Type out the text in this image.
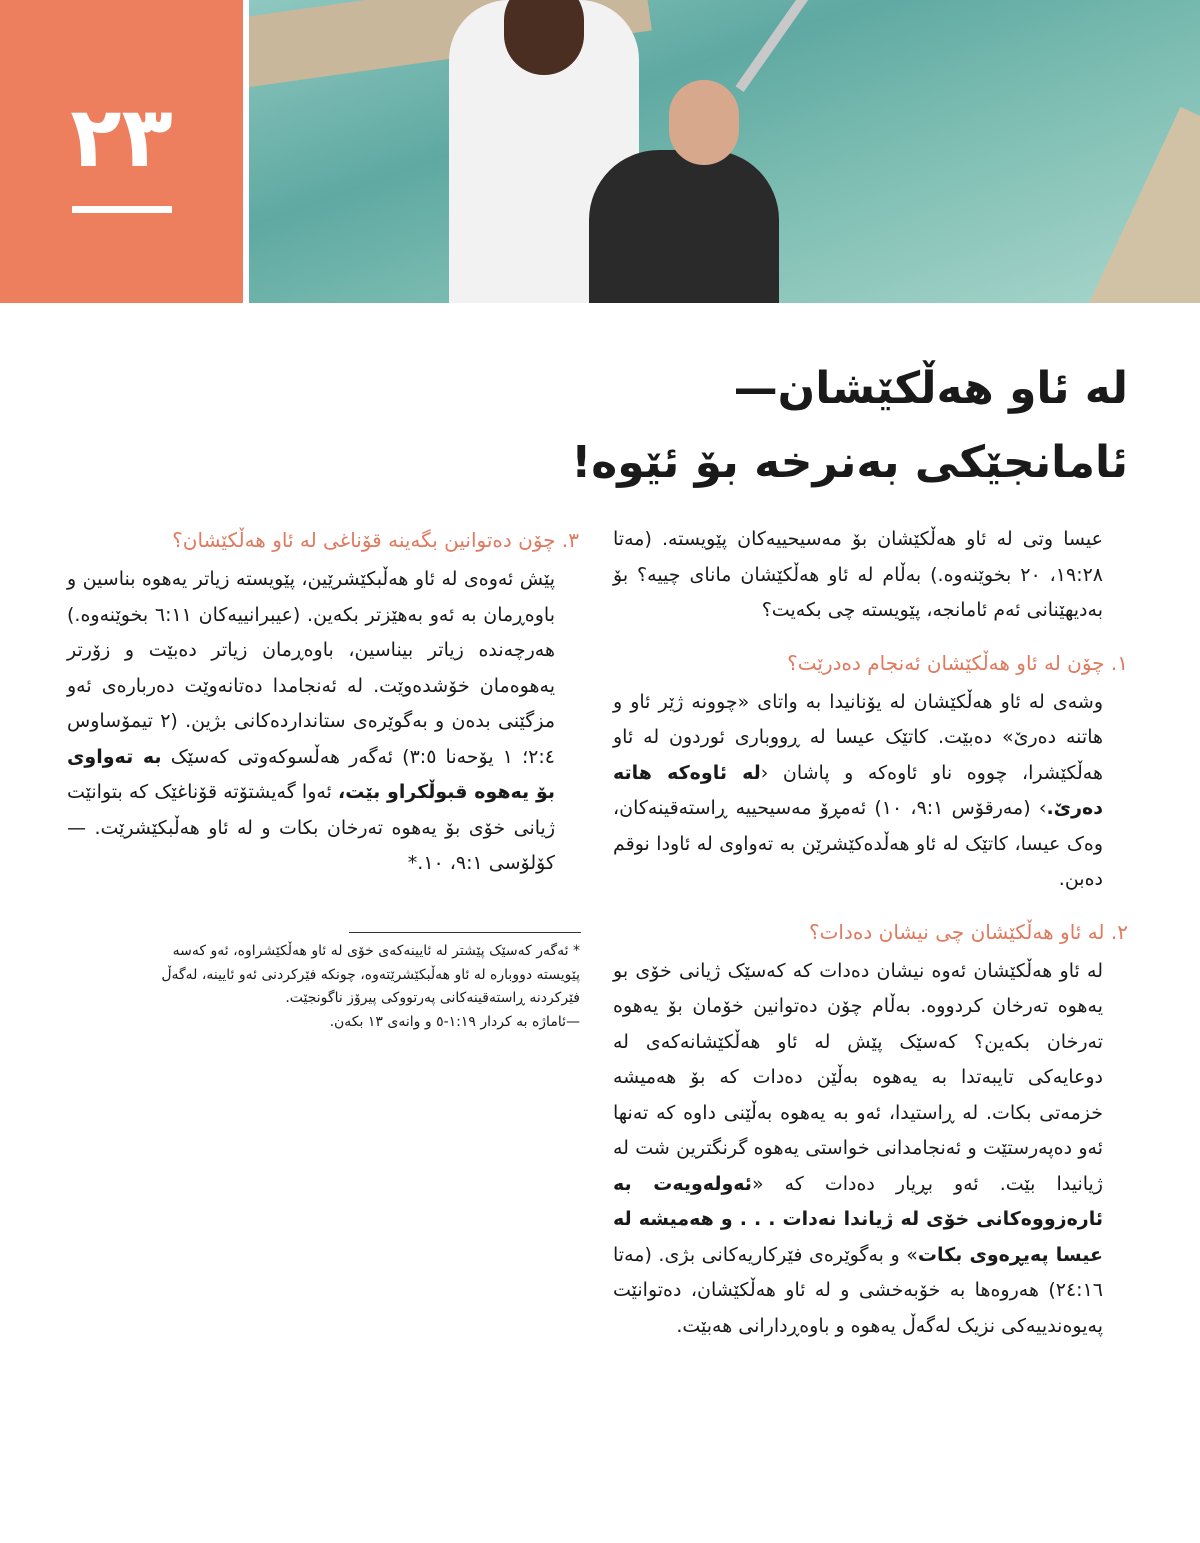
٢٣
لە ئاو هەڵکێشان—
ئامانجێکی بەنرخە بۆ ئێوە!

عیسا وتی لە ئاو هەڵکێشان بۆ مەسیحییەکان پێویستە. (مەتا ١٩:٢٨، ٢٠ بخوێنەوە.) بەڵام لە ئاو هەڵکێشان مانای چییە؟ بۆ بەدیهێنانی ئەم ئامانجە، پێویستە چی بکەیت؟

١. چۆن لە ئاو هەڵکێشان ئەنجام دەدرێت؟

وشەی لە ئاو هەڵکێشان لە یۆنانیدا بە واتای «چوونە ژێر ئاو و هاتنە دەرێ» دەبێت. کاتێک عیسا لە ڕووباری ئوردون لە ئاو هەڵکێشرا، چووە ناو ئاوەکە و پاشان ‹لە ئاوەکە هاتە دەرێ.› (مەرقۆس ٩:١، ١٠) ئەمڕۆ مەسیحییە ڕاستەقینەکان، وەک عیسا، کاتێک لە ئاو هەڵدەکێشرێن بە تەواوی لە ئاودا نوقم دەبن.

٢. لە ئاو هەڵکێشان چی نیشان دەدات؟

لە ئاو هەڵکێشان ئەوە نیشان دەدات کە کەسێک ژیانی خۆی بو یەهوە تەرخان کردووە. بەڵام چۆن دەتوانین خۆمان بۆ یەهوە تەرخان بکەین؟ کەسێک پێش لە ئاو هەڵکێشانەکەی لە دوعایەکی تایبەتدا بە یەهوە بەڵێن دەدات کە بۆ هەمیشە خزمەتی بکات. لە ڕاستیدا، ئەو بە یەهوە بەڵێنی داوە کە تەنها ئەو دەپەرستێت و ئەنجامدانی خواستی یەهوە گرنگترین شت لە ژیانیدا بێت. ئەو بڕیار دەدات کە «ئەولەویەت بە ئارەزووەکانی خۆی لە ژیاندا نەدات . . . و هەمیشە لە عیسا پەیڕەوی بکات» و بەگوێرەی فێرکاریەکانی بژی. (مەتا ٢٤:١٦) هەروەها بە خۆبەخشی و لە ئاو هەڵکێشان، دەتوانێت پەیوەندییەکی نزیک لەگەڵ یەهوە و باوەڕدارانی هەبێت.

٣. چۆن دەتوانین بگەینە قۆناغی لە ئاو هەڵکێشان؟

پێش ئەوەی لە ئاو هەڵبکێشرێین، پێویستە زیاتر یەهوە بناسین و باوەڕمان بە ئەو بەهێزتر بکەین. (عیبرانییەکان ٦:١١ بخوێنەوە.) هەرچەندە زیاتر بیناسین، باوەڕمان زیاتر دەبێت و زۆرتر یەهوەمان خۆشدەوێت. لە ئەنجامدا دەتانەوێت دەربارەی ئەو مزگێنی بدەن و بەگوێرەی ستانداردەکانی بژین. (٢ تیمۆساوس ٢:٤؛ ١ یۆحەنا ٣:٥) ئەگەر هەڵسوکەوتی کەسێک بە تەواوی بۆ یەهوە قبوڵکراو بێت، ئەوا گەیشتۆتە قۆناغێک کە بتوانێت ژیانی خۆی بۆ یەهوە تەرخان بکات و لە ئاو هەڵبکێشرێت. —کۆلۆسی ٩:١، ١٠.*

* ئەگەر کەسێک پێشتر لە ئایینەکەی خۆی لە ئاو هەڵکێشراوە، ئەو کەسە پێویستە دووبارە لە ئاو هەڵبکێشرێتەوە، چونکە فێرکردنی ئەو ئایینە، لەگەڵ فێرکردنە ڕاستەقینەکانی پەرتووکی پیرۆز ناگونجێت.

—ئاماژە بە کردار ١:١٩-٥ و وانەی ١٣ بکەن.
